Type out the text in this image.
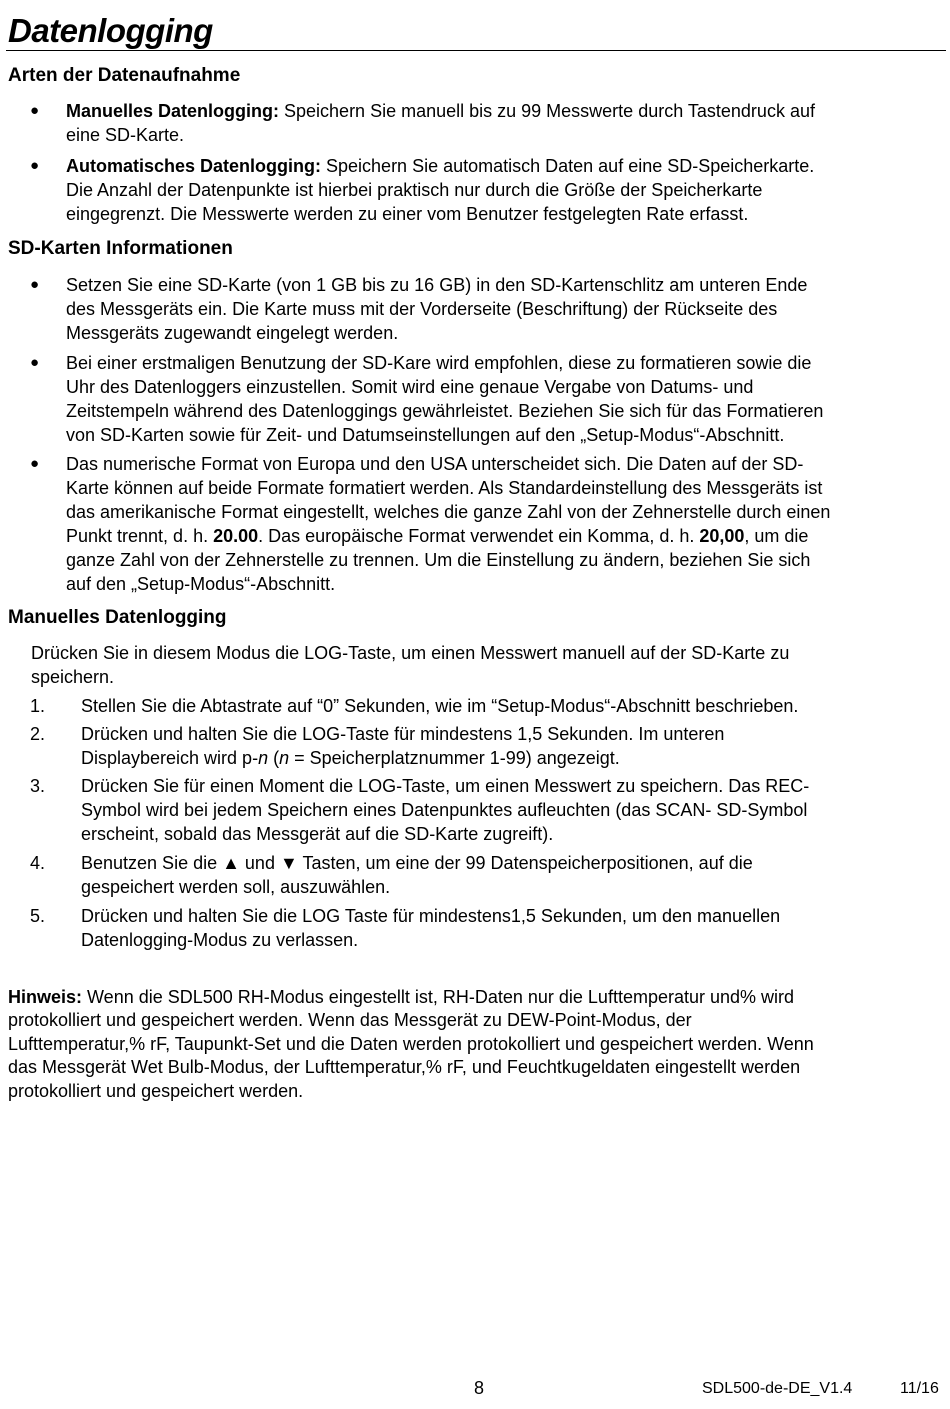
Datenlogging
Arten der Datenaufnahme
● Manuelles Datenlogging: Speichern Sie manuell bis zu 99 Messwerte durch Tastendruck auf

eine SD-Karte.

● Automatisches Datenlogging: Speichern Sie automatisch Daten auf eine SD-Speicherkarte.

Die Anzahl der Datenpunkte ist hierbei praktisch nur durch die Größe der Speicherkarte

eingegrenzt. Die Messwerte werden zu einer vom Benutzer festgelegten Rate erfasst.

SD-Karten Informationen
● Setzen Sie eine SD-Karte (von 1 GB bis zu 16 GB) in den SD-Kartenschlitz am unteren Ende

des Messgeräts ein. Die Karte muss mit der Vorderseite (Beschriftung) der Rückseite des

Messgeräts zugewandt eingelegt werden.

● Bei einer erstmaligen Benutzung der SD-Kare wird empfohlen, diese zu formatieren sowie die

Uhr des Datenloggers einzustellen. Somit wird eine genaue Vergabe von Datums- und

Zeitstempeln während des Datenloggings gewährleistet. Beziehen Sie sich für das Formatieren

von SD-Karten sowie für Zeit- und Datumseinstellungen auf den „Setup-Modus“-Abschnitt.

● Das numerische Format von Europa und den USA unterscheidet sich. Die Daten auf der SD-

Karte können auf beide Formate formatiert werden. Als Standardeinstellung des Messgeräts ist

das amerikanische Format eingestellt, welches die ganze Zahl von der Zehnerstelle durch einen

Punkt trennt, d. h. 20.00. Das europäische Format verwendet ein Komma, d. h. 20,00, um die

ganze Zahl von der Zehnerstelle zu trennen. Um die Einstellung zu ändern, beziehen Sie sich

auf den „Setup-Modus“-Abschnitt.

Manuelles Datenlogging

Drücken Sie in diesem Modus die LOG-Taste, um einen Messwert manuell auf der SD-Karte zu

speichern.

1. Stellen Sie die Abtastrate auf “0” Sekunden, wie im “Setup-Modus“-Abschnitt beschrieben.

2. Drücken und halten Sie die LOG-Taste für mindestens 1,5 Sekunden. Im unteren

Displaybereich wird p-n (n = Speicherplatznummer 1-99) angezeigt.

3. Drücken Sie für einen Moment die LOG-Taste, um einen Messwert zu speichern. Das REC-

Symbol wird bei jedem Speichern eines Datenpunktes aufleuchten (das SCAN- SD-Symbol

erscheint, sobald das Messgerät auf die SD-Karte zugreift).

4. Benutzen Sie die ▲ und ▼ Tasten, um eine der 99 Datenspeicherpositionen, auf die

gespeichert werden soll, auszuwählen.

5. Drücken und halten Sie die LOG Taste für mindestens1,5 Sekunden, um den manuellen

Datenlogging-Modus zu verlassen.

Hinweis: Wenn die SDL500 RH-Modus eingestellt ist, RH-Daten nur die Lufttemperatur und% wird

protokolliert und gespeichert werden. Wenn das Messgerät zu DEW-Point-Modus, der

Lufttemperatur,% rF, Taupunkt-Set und die Daten werden protokolliert und gespeichert werden. Wenn

das Messgerät Wet Bulb-Modus, der Lufttemperatur,% rF, und Feuchtkugeldaten eingestellt werden

protokolliert und gespeichert werden.

8	SDL500-de-DE_V1.4	11/16
